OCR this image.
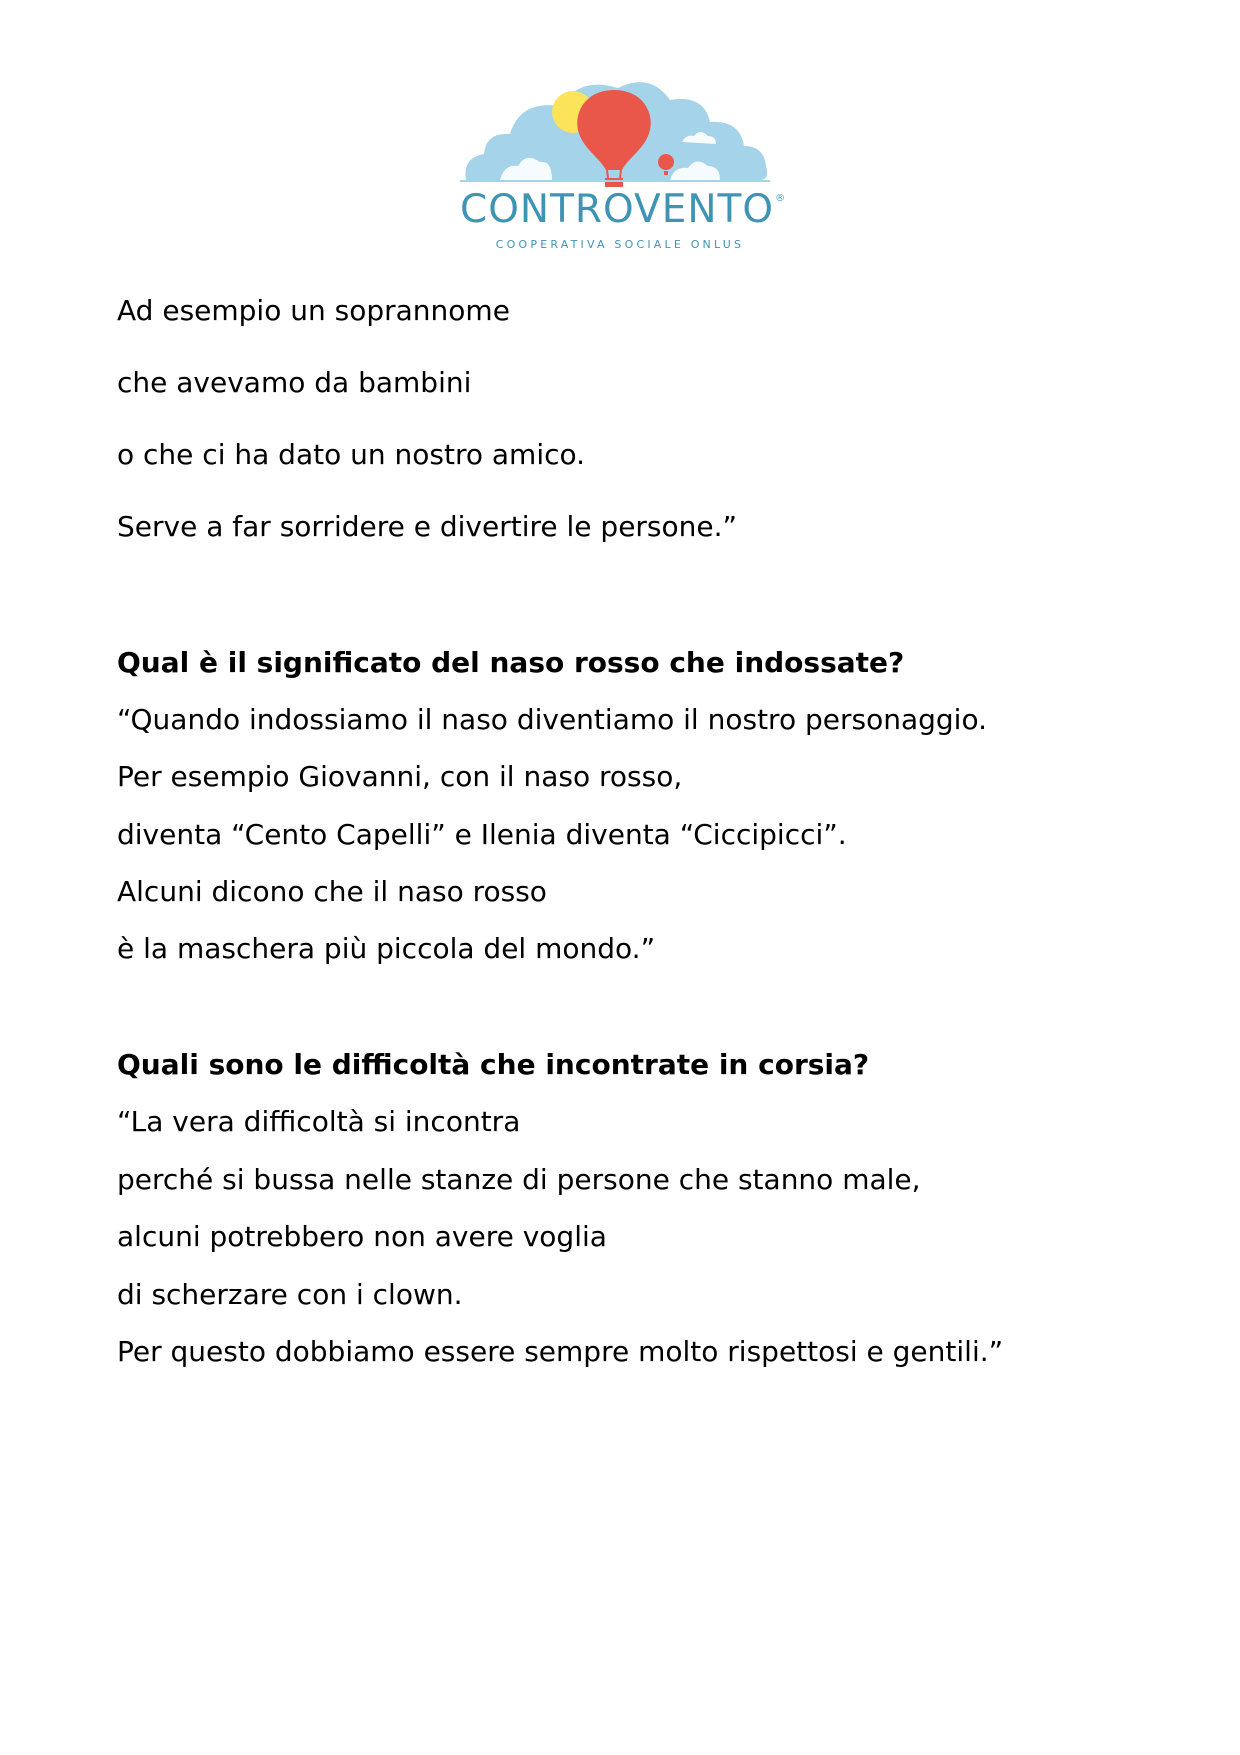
CONTROVENTO®
COOPERATIVA SOCIALE ONLUS
Ad esempio un soprannome
che avevamo da bambini
o che ci ha dato un nostro amico.
Serve a far sorridere e divertire le persone.”
Qual è il significato del naso rosso che indossate?
“Quando indossiamo il naso diventiamo il nostro personaggio.
Per esempio Giovanni, con il naso rosso,
diventa “Cento Capelli” e Ilenia diventa “Ciccipicci”.
Alcuni dicono che il naso rosso
è la maschera più piccola del mondo.”
Quali sono le difficoltà che incontrate in corsia?
“La vera difficoltà si incontra
perché si bussa nelle stanze di persone che stanno male,
alcuni potrebbero non avere voglia
di scherzare con i clown.
Per questo dobbiamo essere sempre molto rispettosi e gentili.”
